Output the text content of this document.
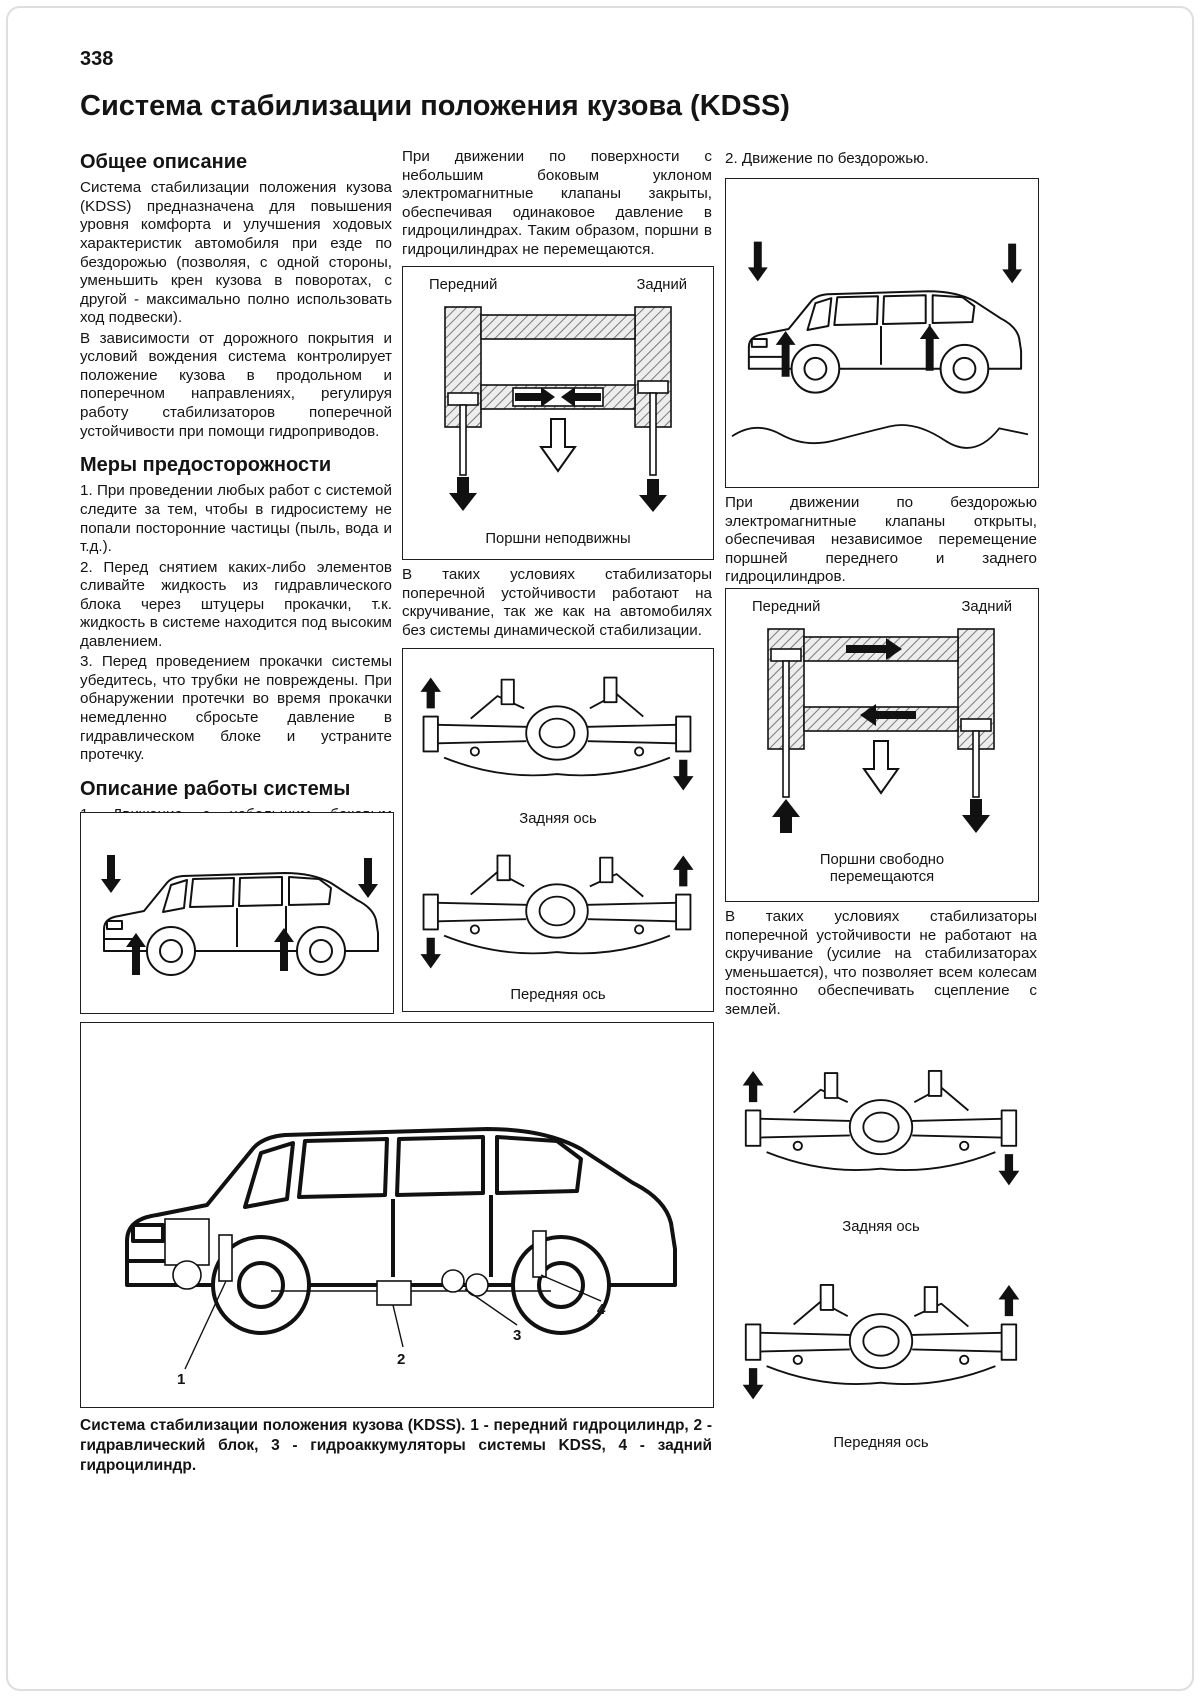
338
Система стабилизации положения кузова (KDSS)
Общее описание

Система стабилизации положения кузова (KDSS) предназначена для повышения уровня комфорта и улучшения ходовых характеристик автомобиля при езде по бездорожью (позволяя, с одной стороны, уменьшить крен кузова в поворотах, с другой - максимально полно использовать ход подвески).

В зависимости от дорожного покрытия и условий вождения система контролирует положение кузова в продольном и поперечном направлениях, регулируя работу стабилизаторов поперечной устойчивости при помощи гидроприводов.

Меры предосторожности

1. При проведении любых работ с системой следите за тем, чтобы в гидросистему не попали посторонние частицы (пыль, вода и т.д.).

2. Перед снятием каких-либо элементов сливайте жидкость из гидравлического блока через штуцеры прокачки, т.к. жидкость в системе находится под высоким давлением.

3. Перед проведением прокачки системы убедитесь, что трубки не повреждены. При обнаружении протечки во время прокачки немедленно сбросьте давление в гидравлическом блоке и устраните протечку.

Описание работы системы

При движении по поверхности с небольшим боковым уклоном электромагнитные клапаны закрыты, обеспечивая одинаковое давление в гидроцилиндрах. Таким образом, поршни в гидроцилиндрах не перемещаются.

Передний	Задний
Поршни неподвижны

В таких условиях стабилизаторы поперечной устойчивости работают на скручивание, так же как на автомобилях без системы динамической стабилизации.

Задняя ось
Передняя ось

2. Движение по бездорожью.

При движении по бездорожью электромагнитные клапаны открыты, обеспечивая независимое перемещение поршней переднего и заднего гидроцилиндров.

Передний	Задний
Поршни свободно перемещаются

В таких условиях стабилизаторы поперечной устойчивости не работают на скручивание (усилие на стабилизаторах уменьшается), что позволяет всем колесам постоянно обеспечивать сцепление с землей.

1
2
3
4
Система стабилизации положения кузова (KDSS). 1 - передний гидроцилиндр, 2 - гидравлический блок, 3 - гидроаккумуляторы системы KDSS, 4 - задний гидроцилиндр.
Задняя ось
Передняя ось
